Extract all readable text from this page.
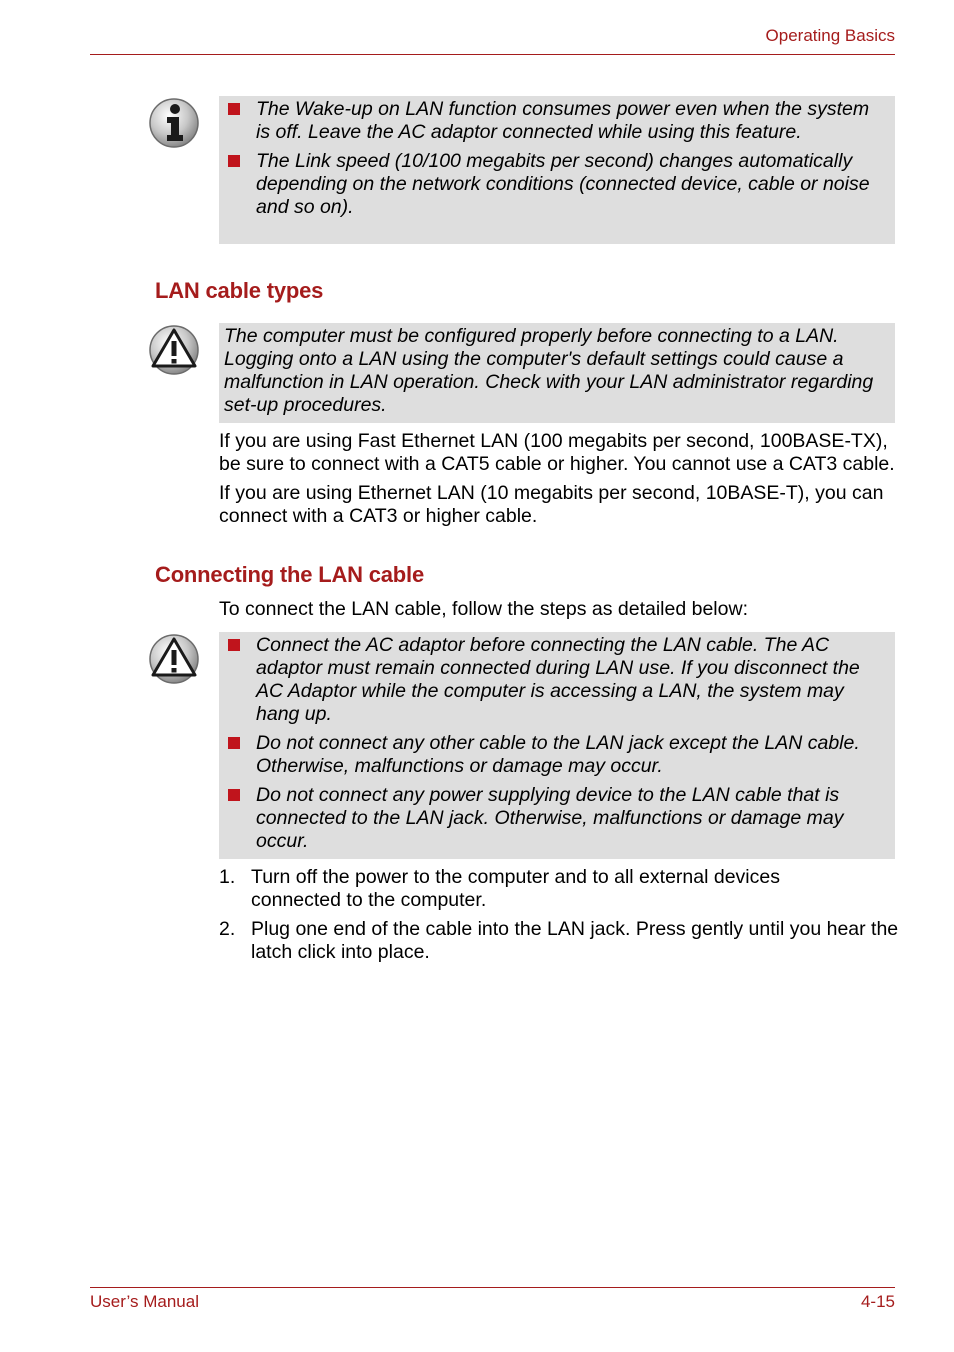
Operating Basics
The Wake-up on LAN function consumes power even when the system is off. Leave the AC adaptor connected while using this feature.
The Link speed (10/100 megabits per second) changes automatically depending on the network conditions (connected device, cable or noise and so on).
LAN cable types
The computer must be configured properly before connecting to a LAN. Logging onto a LAN using the computer's default settings could cause a malfunction in LAN operation. Check with your LAN administrator regarding set-up procedures.
If you are using Fast Ethernet LAN (100 megabits per second, 100BASE-TX), be sure to connect with a CAT5 cable or higher. You cannot use a CAT3 cable.
If you are using Ethernet LAN (10 megabits per second, 10BASE-T), you can connect with a CAT3 or higher cable.
Connecting the LAN cable
To connect the LAN cable, follow the steps as detailed below:
Connect the AC adaptor before connecting the LAN cable. The AC adaptor must remain connected during LAN use. If you disconnect the AC Adaptor while the computer is accessing a LAN, the system may hang up.
Do not connect any other cable to the LAN jack except the LAN cable. Otherwise, malfunctions or damage may occur.
Do not connect any power supplying device to the LAN cable that is connected to the LAN jack. Otherwise, malfunctions or damage may occur.
1. Turn off the power to the computer and to all external devices connected to the computer.
2. Plug one end of the cable into the LAN jack. Press gently until you hear the latch click into place.
User’s Manual	4-15
